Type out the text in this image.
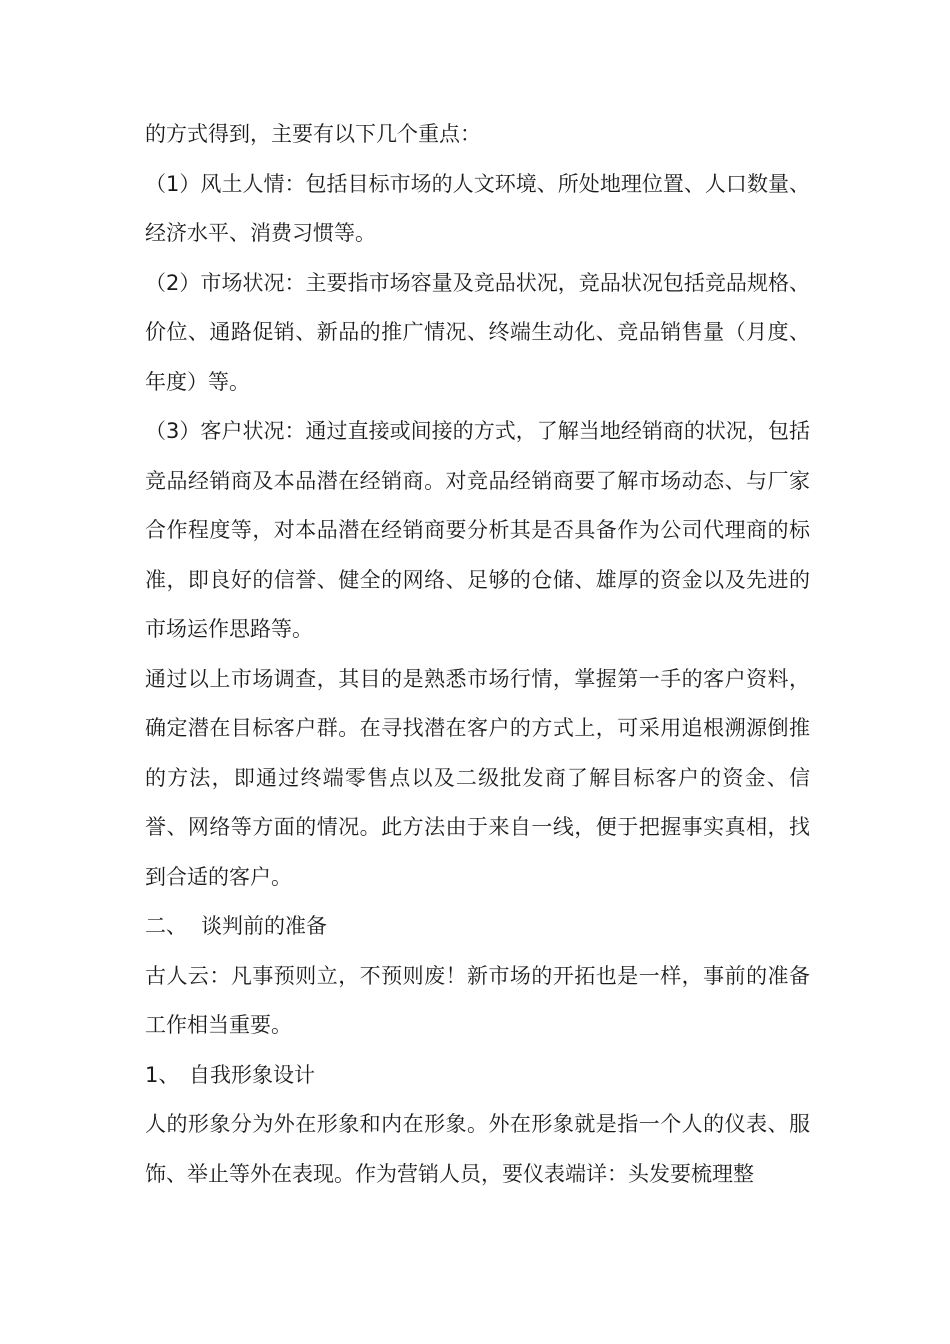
的方式得到，主要有以下几个重点：

（1）风土人情：包括目标市场的人文环境、所处地理位置、人口数量、经济水平、消费习惯等。

（2）市场状况：主要指市场容量及竞品状况，竞品状况包括竞品规格、价位、通路促销、新品的推广情况、终端生动化、竞品销售量（月度、年度）等。

（3）客户状况：通过直接或间接的方式，了解当地经销商的状况，包括竞品经销商及本品潜在经销商。对竞品经销商要了解市场动态、与厂家合作程度等，对本品潜在经销商要分析其是否具备作为公司代理商的标准，即良好的信誉、健全的网络、足够的仓储、雄厚的资金以及先进的市场运作思路等。

通过以上市场调查，其目的是熟悉市场行情，掌握第一手的客户资料，确定潜在目标客户群。在寻找潜在客户的方式上，可采用追根溯源倒推的方法，即通过终端零售点以及二级批发商了解目标客户的资金、信誉、网络等方面的情况。此方法由于来自一线，便于把握事实真相，找到合适的客户。

二、 谈判前的准备

古人云：凡事预则立，不预则废！新市场的开拓也是一样，事前的准备工作相当重要。

1、 自我形象设计

人的形象分为外在形象和内在形象。外在形象就是指一个人的仪表、服饰、举止等外在表现。作为营销人员，要仪表端详：头发要梳理整
